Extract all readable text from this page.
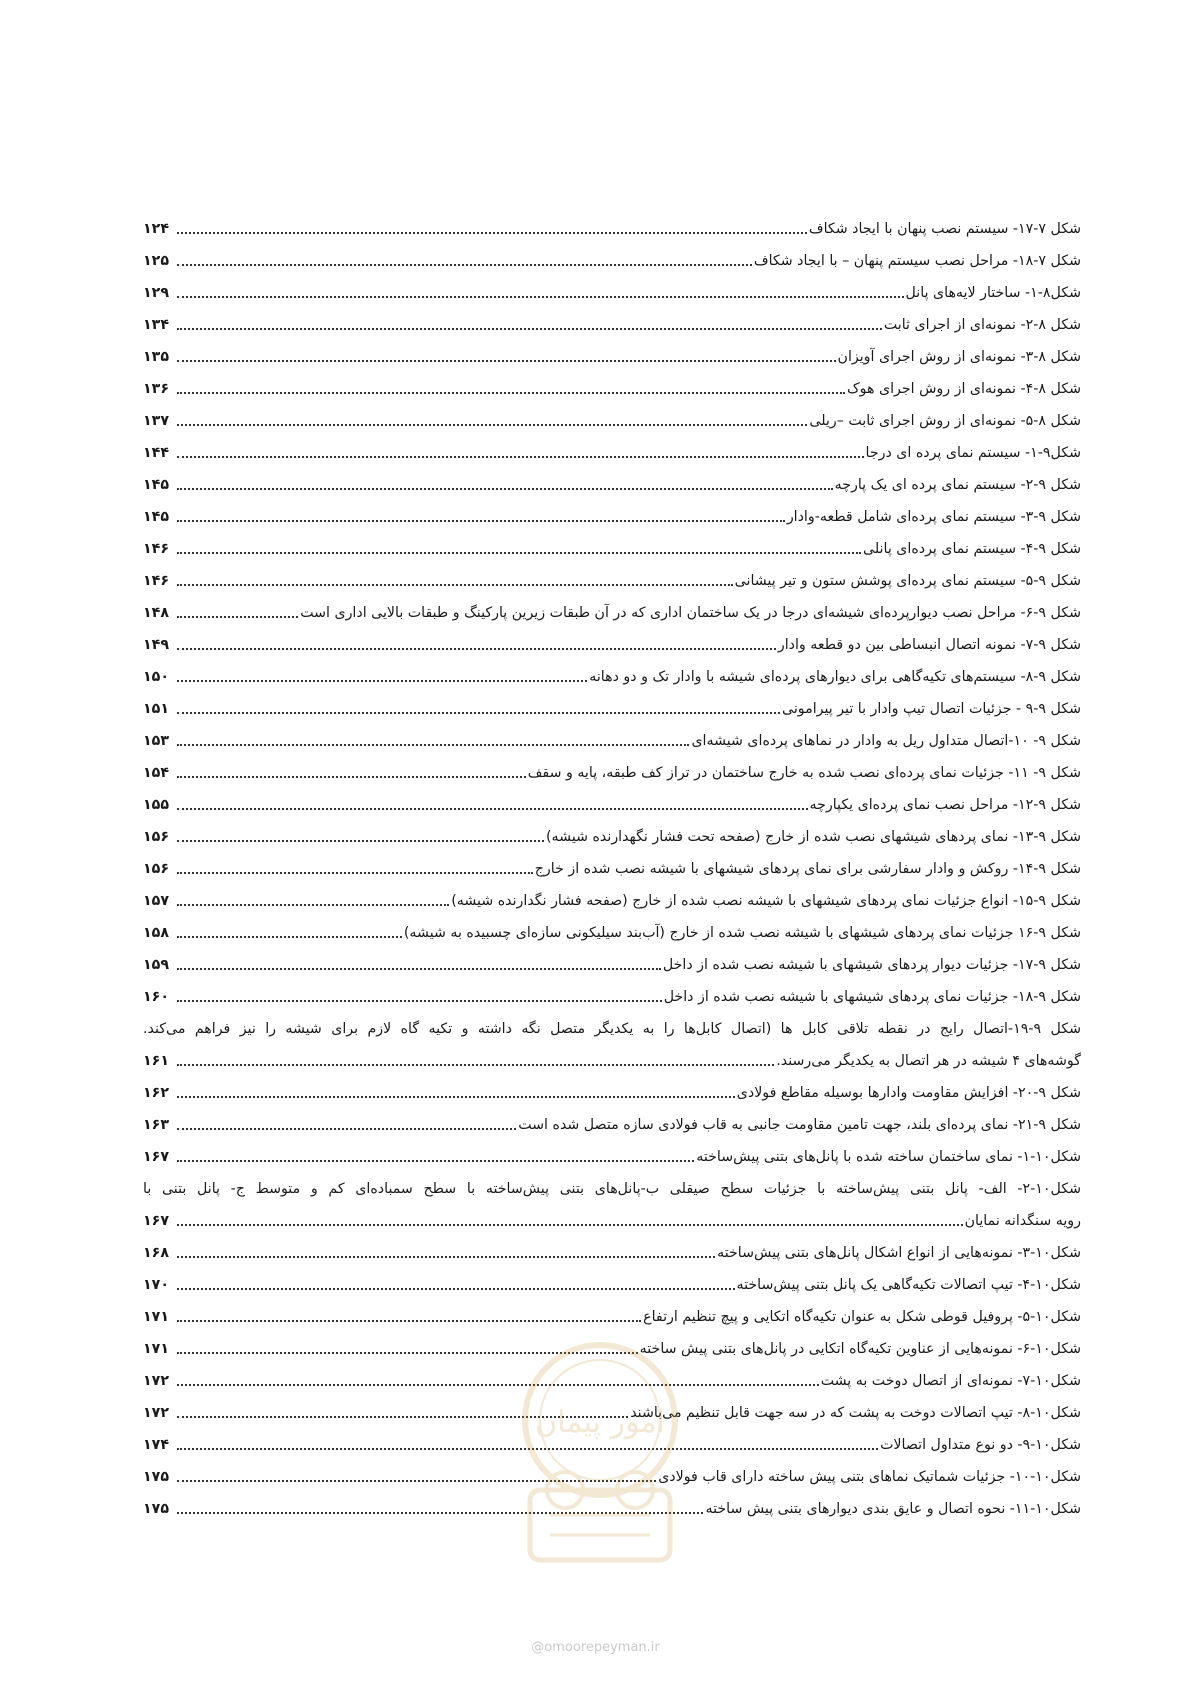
شکل ۷-۱۷- سیستم نصب پنهان با ایجاد شکاف
۱۲۴
شکل ۷-۱۸- مراحل نصب سیستم پنهان – با ایجاد شکاف
۱۲۵
شکل۸-۱- ساختار لایه‌های پانل
۱۲۹
شکل ۸-۲- نمونه‌ای از اجرای ثابت
۱۳۴
شکل ۸-۳- نمونه‌ای از روش اجرای آویزان
۱۳۵
شکل ۸-۴- نمونه‌ای از روش اجرای هوک
۱۳۶
شکل ۸-۵- نمونه‌ای از روش اجرای ثابت –ریلی
۱۳۷
شکل۹-۱- سیستم نمای پرده ای درجا
۱۴۴
شکل ۹-۲- سیستم نمای پرده ای یک پارچه
۱۴۵
شکل ۹-۳- سیستم نمای پرده‌ای شامل قطعه-وادار
۱۴۵
شکل ۹-۴- سیستم نمای پرده‌ای پانلی
۱۴۶
شکل ۹-۵- سیستم نمای پرده‌ای پوشش ستون و تیر پیشانی
۱۴۶
شکل ۹-۶- مراحل نصب دیوارپرده‌ای شیشه‌ای درجا در یک ساختمان اداری که در آن طبقات زیرین پارکینگ و طبقات بالایی اداری است
۱۴۸
شکل ۹-۷- نمونه اتصال انبساطی بین دو قطعه وادار
۱۴۹
شکل ۹-۸- سیستم‌های تکیه‌گاهی برای دیوارهای پرده‌ای شیشه با وادار تک و دو دهانه
۱۵۰
شکل ۹-۹ - جزئیات اتصال تیپ وادار با تیر پیرامونی
۱۵۱
شکل ۹- ۱۰-اتصال متداول ریل به وادار در نماهای پرده‌ای شیشه‌ای
۱۵۳
شکل ۹- ۱۱- جزئیات نمای پرده‌ای نصب شده به خارج ساختمان در تراز کف طبقه، پایه و سقف
۱۵۴
شکل ۹-۱۲- مراحل نصب نمای پرده‌ای یکپارچه
۱۵۵
شکل ۹-۱۳- نمای پردهای شیشهای نصب شده از خارج (صفحه تحت فشار نگهدارنده شیشه)
۱۵۶
شکل ۹-۱۴- روکش و وادار سفارشی برای نمای پردهای شیشهای با شیشه نصب شده از خارج
۱۵۶
شکل ۹-۱۵- انواع جزئیات نمای پردهای شیشهای با شیشه نصب شده از خارج (صفحه فشار نگدارنده شیشه)
۱۵۷
شکل ۹-۱۶ جزئیات نمای پردهای شیشهای با شیشه نصب شده از خارج (آب‌بند سیلیکونی سازه‌ای چسبیده به شیشه)
۱۵۸
شکل ۹-۱۷- جزئیات دیوار پردهای شیشهای با شیشه نصب شده از داخل
۱۵۹
شکل ۹-۱۸- جزئیات نمای پردهای شیشهای با شیشه نصب شده از داخل
۱۶۰
شکل ۹-۱۹-اتصال رایج در نقطه تلاقی کابل ها (اتصال کابل‌ها را به یکدیگر متصل نگه داشته و تکیه گاه لازم برای شیشه را نیز فراهم می‌کند.
گوشه‌های ۴ شیشه در هر اتصال به یکدیگر می‌رسند.
۱۶۱
شکل ۹-۲۰- افزایش مقاومت وادارها بوسیله مقاطع فولادی
۱۶۲
شکل ۹-۲۱- نمای پرده‌ای بلند، جهت تامین مقاومت جانبی به قاب فولادی سازه متصل شده است
۱۶۳
شکل۱۰-۱- نمای ساختمان ساخته شده با پانل‌های بتنی پیش‌ساخته
۱۶۷
شکل۱۰-۲- الف- پانل بتنی پیش‌ساخته با جزئیات سطح صیقلی ب-پانل‌های بتنی پیش‌ساخته با سطح سمباده‌ای کم و متوسط ج- پانل بتنی با
رویه سنگدانه نمایان
۱۶۷
شکل۱۰-۳- نمونه‌هایی از انواع اشکال پانل‌های بتنی پیش‌ساخته
۱۶۸
شکل۱۰-۴- تیپ اتصالات تکیه‌گاهی یک پانل بتنی پیش‌ساخته
۱۷۰
شکل۱۰-۵- پروفیل قوطی شکل به عنوان تکیه‌گاه اتکایی و پیچ تنظیم ارتفاع
۱۷۱
شکل۱۰-۶- نمونه‌هایی از عناوین تکیه‌گاه اتکایی در پانل‌های بتنی پیش ساخته
۱۷۱
شکل۱۰-۷- نمونه‌ای از اتصال دوخت به پشت
۱۷۲
شکل۱۰-۸- تیپ اتصالات دوخت به پشت که در سه جهت قابل تنظیم می‌باشند
۱۷۲
شکل۱۰-۹- دو نوع متداول اتصالات
۱۷۴
شکل۱۰-۱۰- جزئیات شماتیک نماهای بتنی پیش ساخته دارای قاب فولادی
۱۷۵
شکل۱۰-۱۱- نحوه اتصال و عایق بندی دیوارهای بتنی پیش ساخته
۱۷۵
امور پیمان
@omoorepeyman.ir
